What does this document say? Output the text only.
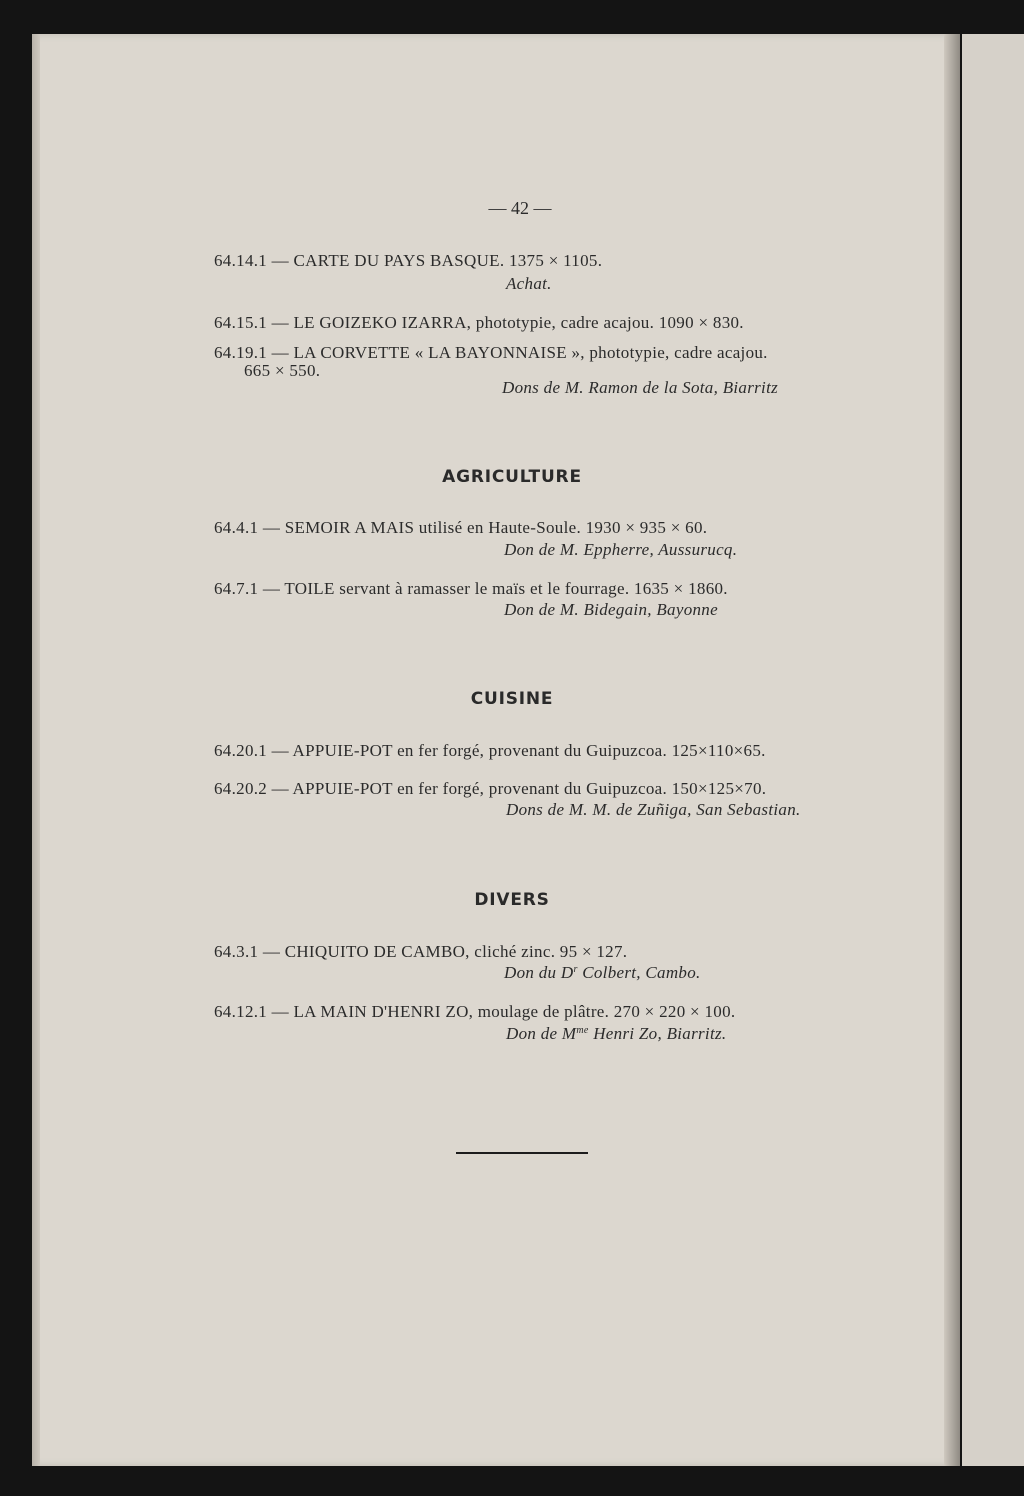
— 42 —
64.14.1 — CARTE DU PAYS BASQUE. 1375 × 1105.
Achat.
64.15.1 — LE GOIZEKO IZARRA, phototypie, cadre acajou. 1090 × 830.
64.19.1 — LA CORVETTE « LA BAYONNAISE », phototypie, cadre acajou.
665 × 550.
Dons de M. Ramon de la Sota, Biarritz
AGRICULTURE
64.4.1 — SEMOIR A MAIS utilisé en Haute-Soule. 1930 × 935 × 60.
Don de M. Eppherre, Aussurucq.
64.7.1 — TOILE servant à ramasser le maïs et le fourrage. 1635 × 1860.
Don de M. Bidegain, Bayonne
CUISINE
64.20.1 — APPUIE-POT en fer forgé, provenant du Guipuzcoa. 125×110×65.
64.20.2 — APPUIE-POT en fer forgé, provenant du Guipuzcoa. 150×125×70.
Dons de M. M. de Zuñiga, San Sebastian.
DIVERS
64.3.1 — CHIQUITO DE CAMBO, cliché zinc. 95 × 127.
Don du $D^r$ Colbert, Cambo.
64.12.1 — LA MAIN D'HENRI ZO, moulage de plâtre. 270 × 220 × 100.
Don de $M^{me}$ Henri Zo, Biarritz.
